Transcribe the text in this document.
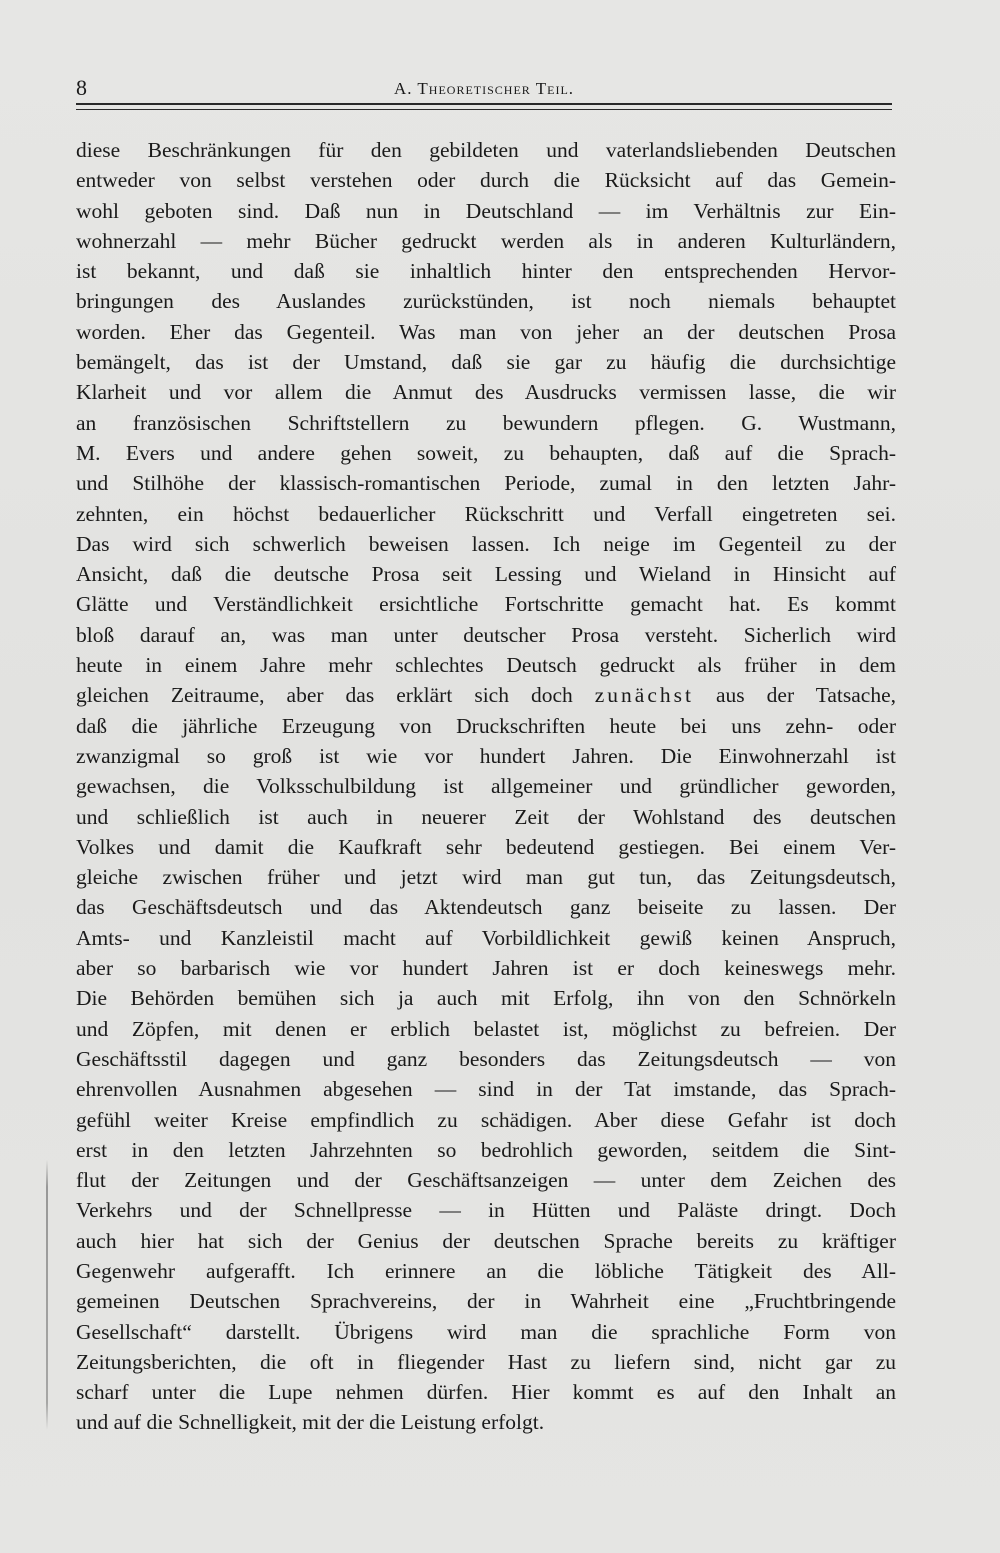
8	A. Theoretischer Teil.
diese Beschränkungen für den gebildeten und vaterlandsliebenden Deutschen
entweder von selbst verstehen oder durch die Rücksicht auf das Gemein-
wohl geboten sind. Daß nun in Deutschland — im Verhältnis zur Ein-
wohnerzahl — mehr Bücher gedruckt werden als in anderen Kulturländern,
ist bekannt, und daß sie inhaltlich hinter den entsprechenden Hervor-
bringungen des Auslandes zurückstünden, ist noch niemals behauptet
worden. Eher das Gegenteil. Was man von jeher an der deutschen Prosa
bemängelt, das ist der Umstand, daß sie gar zu häufig die durchsichtige
Klarheit und vor allem die Anmut des Ausdrucks vermissen lasse, die wir
an französischen Schriftstellern zu bewundern pflegen. G. Wustmann,
M. Evers und andere gehen soweit, zu behaupten, daß auf die Sprach-
und Stilhöhe der klassisch-romantischen Periode, zumal in den letzten Jahr-
zehnten, ein höchst bedauerlicher Rückschritt und Verfall eingetreten sei.
Das wird sich schwerlich beweisen lassen. Ich neige im Gegenteil zu der
Ansicht, daß die deutsche Prosa seit Lessing und Wieland in Hinsicht auf
Glätte und Verständlichkeit ersichtliche Fortschritte gemacht hat. Es kommt
bloß darauf an, was man unter deutscher Prosa versteht. Sicherlich wird
heute in einem Jahre mehr schlechtes Deutsch gedruckt als früher in dem
gleichen Zeitraume, aber das erklärt sich doch zunächst aus der Tatsache,
daß die jährliche Erzeugung von Druckschriften heute bei uns zehn- oder
zwanzigmal so groß ist wie vor hundert Jahren. Die Einwohnerzahl ist
gewachsen, die Volksschulbildung ist allgemeiner und gründlicher geworden,
und schließlich ist auch in neuerer Zeit der Wohlstand des deutschen
Volkes und damit die Kaufkraft sehr bedeutend gestiegen. Bei einem Ver-
gleiche zwischen früher und jetzt wird man gut tun, das Zeitungsdeutsch,
das Geschäftsdeutsch und das Aktendeutsch ganz beiseite zu lassen. Der
Amts- und Kanzleistil macht auf Vorbildlichkeit gewiß keinen Anspruch,
aber so barbarisch wie vor hundert Jahren ist er doch keineswegs mehr.
Die Behörden bemühen sich ja auch mit Erfolg, ihn von den Schnörkeln
und Zöpfen, mit denen er erblich belastet ist, möglichst zu befreien. Der
Geschäftsstil dagegen und ganz besonders das Zeitungsdeutsch — von
ehrenvollen Ausnahmen abgesehen — sind in der Tat imstande, das Sprach-
gefühl weiter Kreise empfindlich zu schädigen. Aber diese Gefahr ist doch
erst in den letzten Jahrzehnten so bedrohlich geworden, seitdem die Sint-
flut der Zeitungen und der Geschäftsanzeigen — unter dem Zeichen des
Verkehrs und der Schnellpresse — in Hütten und Paläste dringt. Doch
auch hier hat sich der Genius der deutschen Sprache bereits zu kräftiger
Gegenwehr aufgerafft. Ich erinnere an die löbliche Tätigkeit des All-
gemeinen Deutschen Sprachvereins, der in Wahrheit eine „Fruchtbringende
Gesellschaft“ darstellt. Übrigens wird man die sprachliche Form von
Zeitungsberichten, die oft in fliegender Hast zu liefern sind, nicht gar zu
scharf unter die Lupe nehmen dürfen. Hier kommt es auf den Inhalt an
und auf die Schnelligkeit, mit der die Leistung erfolgt.
